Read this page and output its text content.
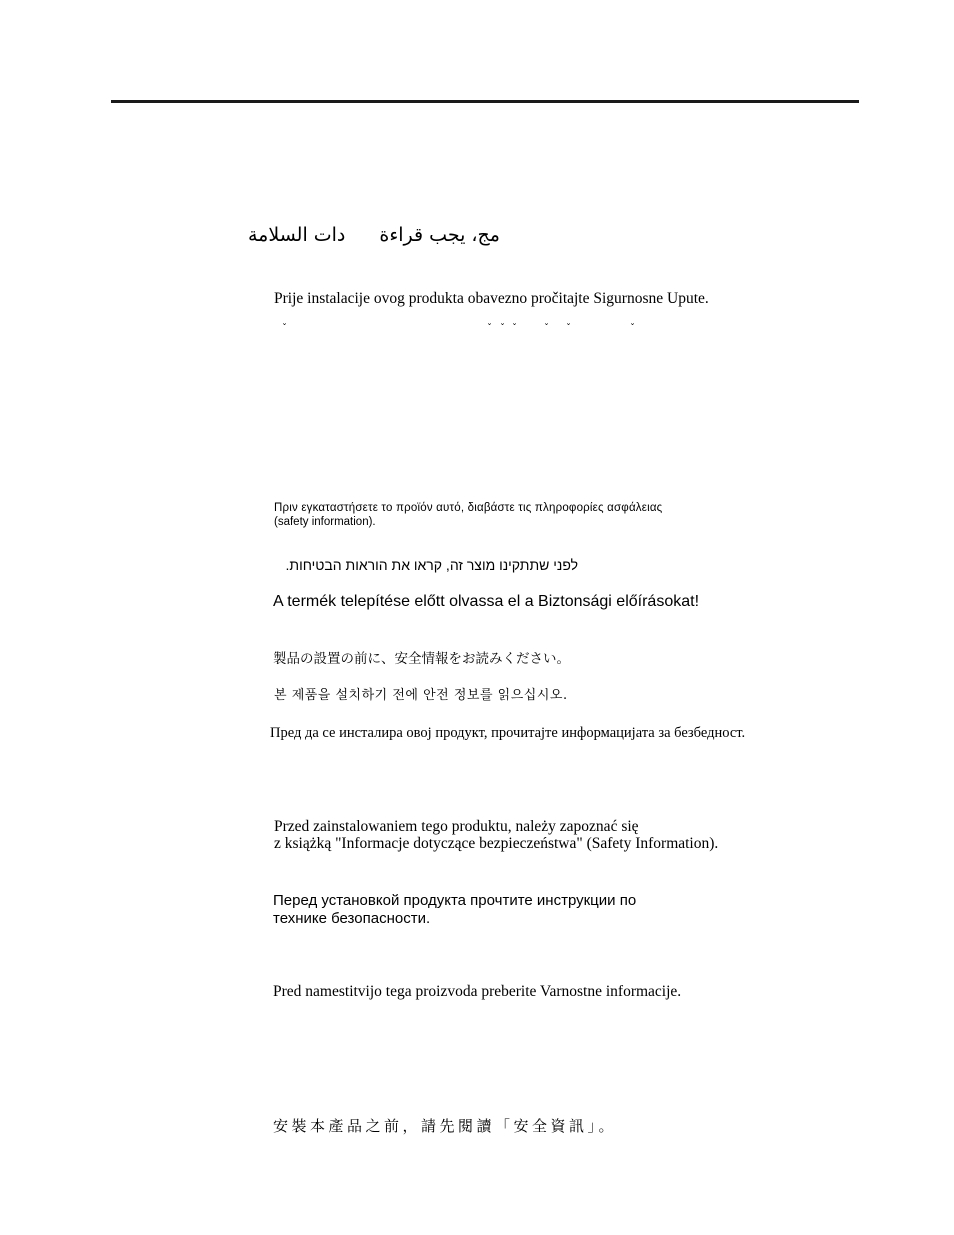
مج، يجب قراءةدات السلامة
Prije instalacije ovog produkta obavezno pročitajte Sigurnosne Upute.
ˇ	ˇ ˇ ˇ	ˇ ˇ	ˇ
Πριν εγκαταστήσετε το προϊόν αυτό, διαβάστε τις πληροφορίες ασφάλειας
(safety information).
לפני שתתקינו מוצר זה, קראו את הוראות הבטיחות.
A termék telepítése előtt olvassa el a Biztonsági előírásokat!
製品の設置の前に、安全情報をお読みください。
본 제품을 설치하기 전에 안전 정보를 읽으십시오.
Пред да се инсталира овој продукт, прочитајте информацијата за безбедност.
Przed zainstalowaniem tego produktu, należy zapoznać się
z książką "Informacje dotyczące bezpieczeństwa" (Safety Information).
Перед установкой продукта прочтите инструкции по
технике безопасности.
Pred namestitvijo tega proizvoda preberite Varnostne informacije.
安裝本產品之前，請先閱讀「安全資訊」。
